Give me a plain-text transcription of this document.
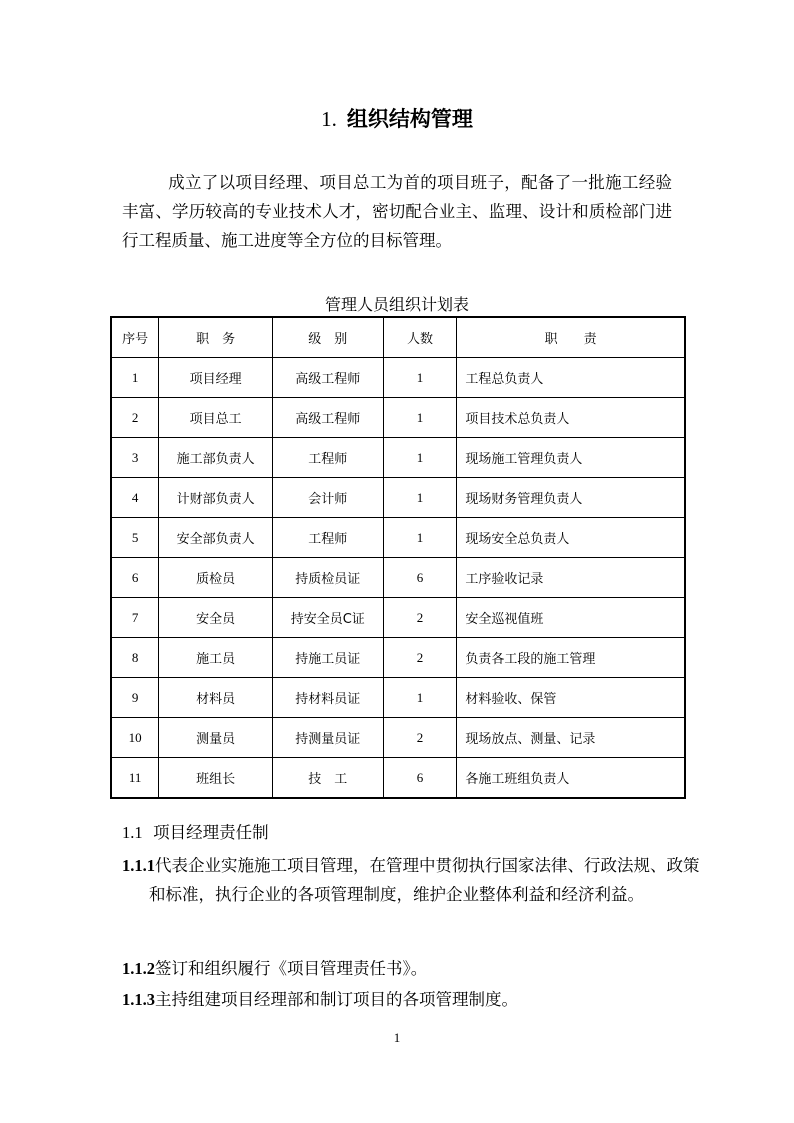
1. 组织结构管理

成立了以项目经理、项目总工为首的项目班子，配备了一批施工经验丰富、学历较高的专业技术人才，密切配合业主、监理、设计和质检部门进行工程质量、施工进度等全方位的目标管理。

管理人员组织计划表
序号	职　务	级　别	人数	职　　责
1	项目经理	高级工程师	1	工程总负责人
2	项目总工	高级工程师	1	项目技术总负责人
3	施工部负责人	工程师	1	现场施工管理负责人
4	计财部负责人	会计师	1	现场财务管理负责人
5	安全部负责人	工程师	1	现场安全总负责人
6	质检员	持质检员证	6	工序验收记录
7	安全员	持安全员C证	2	安全巡视值班
8	施工员	持施工员证	2	负责各工段的施工管理
9	材料员	持材料员证	1	材料验收、保管
10	测量员	持测量员证	2	现场放点、测量、记录
11	班组长	技　工	6	各施工班组负责人
1.1 项目经理责任制
1.1.1代表企业实施施工项目管理，在管理中贯彻执行国家法律、行政法规、政策和标准，执行企业的各项管理制度，维护企业整体利益和经济利益。
1.1.2签订和组织履行《项目管理责任书》。
1.1.3主持组建项目经理部和制订项目的各项管理制度。
1
